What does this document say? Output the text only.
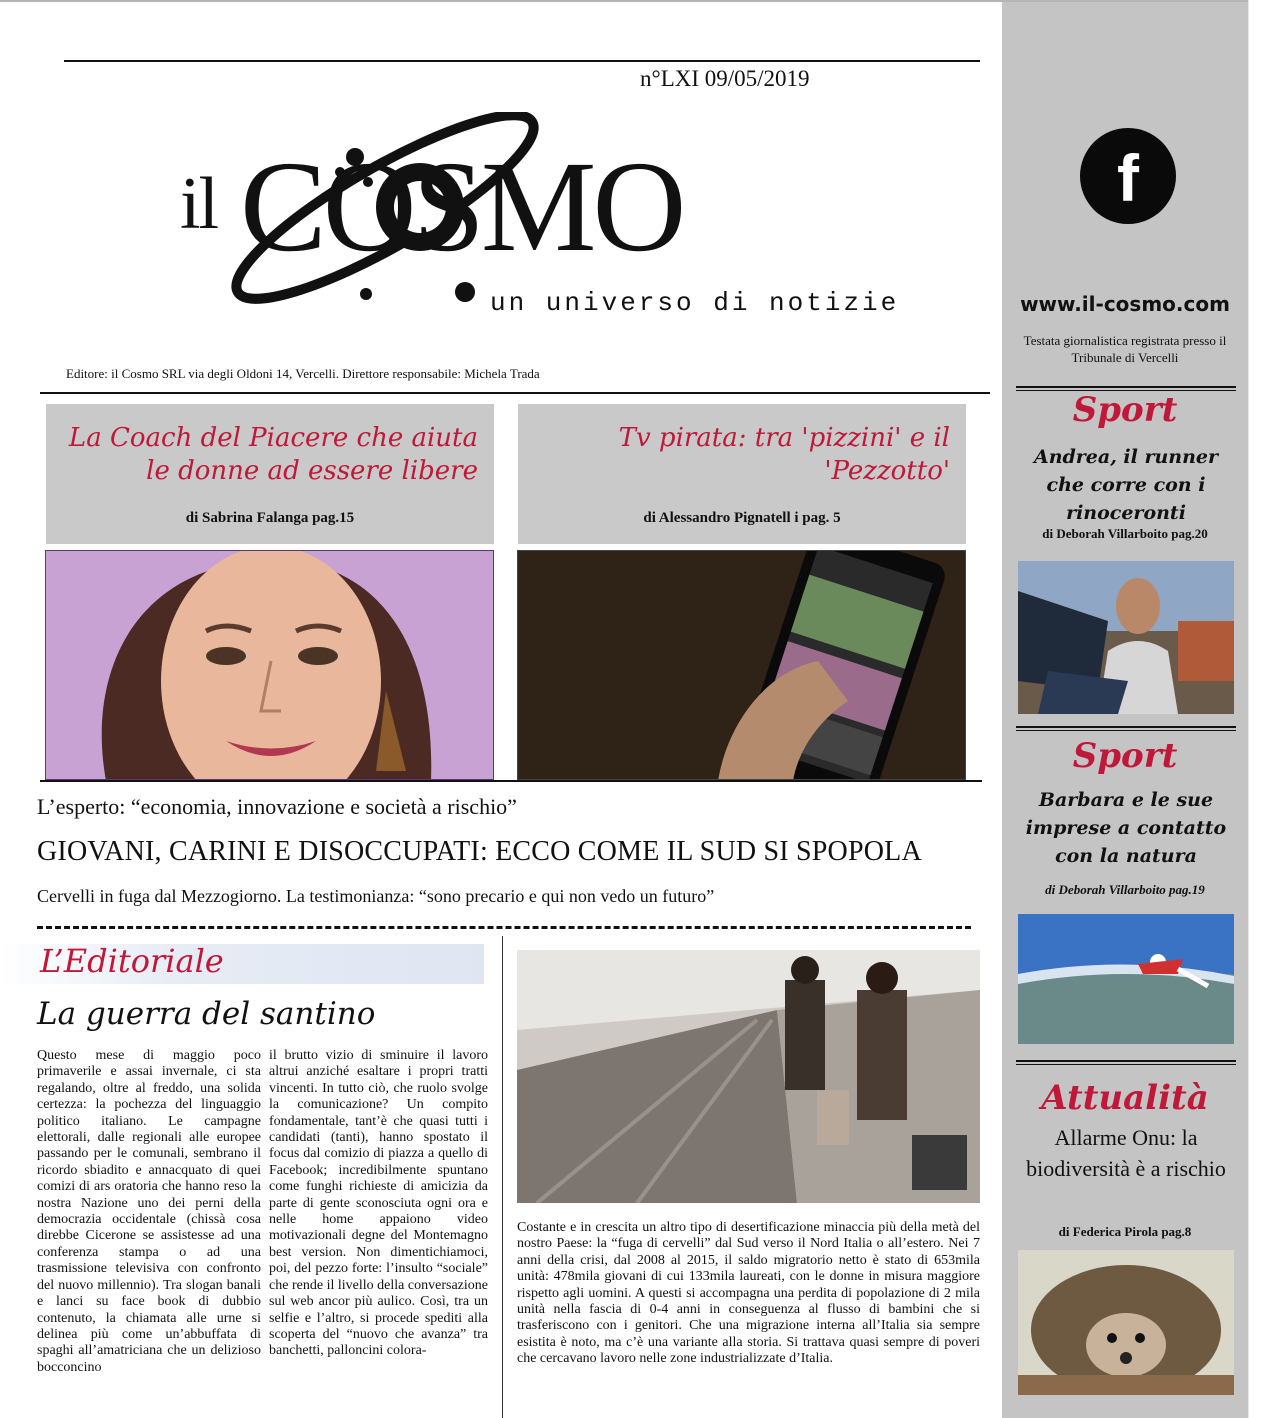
n°LXI 09/05/2019
il COSMO
un universo di notizie
Editore: il Cosmo SRL via degli Oldoni 14, Vercelli. Direttore responsabile: Michela Trada
La Coach del Piacere che aiuta le donne ad essere libere
di Sabrina Falanga pag.15
Tv pirata: tra 'pizzini' e il 'Pezzotto'
di Alessandro Pignatell i pag. 5
L’esperto: “economia, innovazione e società a rischio”
GIOVANI, CARINI E DISOCCUPATI: ECCO COME IL SUD SI SPOPOLA
Cervelli in fuga dal Mezzogiorno. La testimonianza: “sono precario e qui non vedo un futuro”
L’Editoriale
La guerra del santino
Questo mese di maggio poco primaverile e assai invernale, ci sta regalando, oltre al freddo, una solida certezza: la pochezza del linguaggio politico italiano. Le campagne elettorali, dalle regionali alle europee passando per le comunali, sembrano il ricordo sbiadito e annacquato di quei comizi di ars oratoria che hanno reso la nostra Nazione uno dei perni della democrazia occidentale (chissà cosa direbbe Cicerone se assistesse ad una conferenza stampa o ad una trasmissione televisiva con confronto del nuovo millennio). Tra slogan banali e lanci su face book di dubbio contenuto, la chiamata alle urne si delinea più come un’abbuffata di spaghi all’amatriciana che un delizioso bocconcino
il brutto vizio di sminuire il lavoro altrui anziché esaltare i propri tratti vincenti. In tutto ciò, che ruolo svolge la comunicazione? Un compito fondamentale, tant’è che quasi tutti i candidati (tanti), hanno spostato il focus dal comizio di piazza a quello di Facebook; incredibilmente spuntano come funghi richieste di amicizia da parte di gente sconosciuta ogni ora e nelle home appaiono video motivazionali degne del Montemagno best version. Non dimentichiamoci, poi, del pezzo forte: l’insulto “sociale” che rende il livello della conversazione sul web ancor più aulico. Così, tra un selfie e l’altro, si procede spediti alla scoperta del “nuovo che avanza” tra banchetti, palloncini colora-
Costante e in crescita un altro tipo di desertificazione minaccia più della metà del nostro Paese: la “fuga di cervelli” dal Sud verso il Nord Italia o all’estero. Nei 7 anni della crisi, dal 2008 al 2015, il saldo migratorio netto è stato di 653mila unità: 478mila giovani di cui 133mila laureati, con le donne in misura maggiore rispetto agli uomini. A questi si accompagna una perdita di popolazione di 2 mila unità nella fascia di 0-4 anni in conseguenza al flusso di bambini che si trasferiscono con i genitori. Che una migrazione interna all’Italia sia sempre esistita è noto, ma c’è una variante alla storia. Si trattava quasi sempre di poveri che cercavano lavoro nelle zone industrializzate d’Italia.
f
www.il-cosmo.com
Testata giornalistica registrata presso il Tribunale di Vercelli
Sport
Andrea, il runner che corre con i rinoceronti
di Deborah Villarboito pag.20
Sport
Barbara e le sue imprese a contatto con la natura
di Deborah Villarboito pag.19
Attualità
Allarme Onu: la biodiversità è a rischio
di Federica Pirola pag.8
